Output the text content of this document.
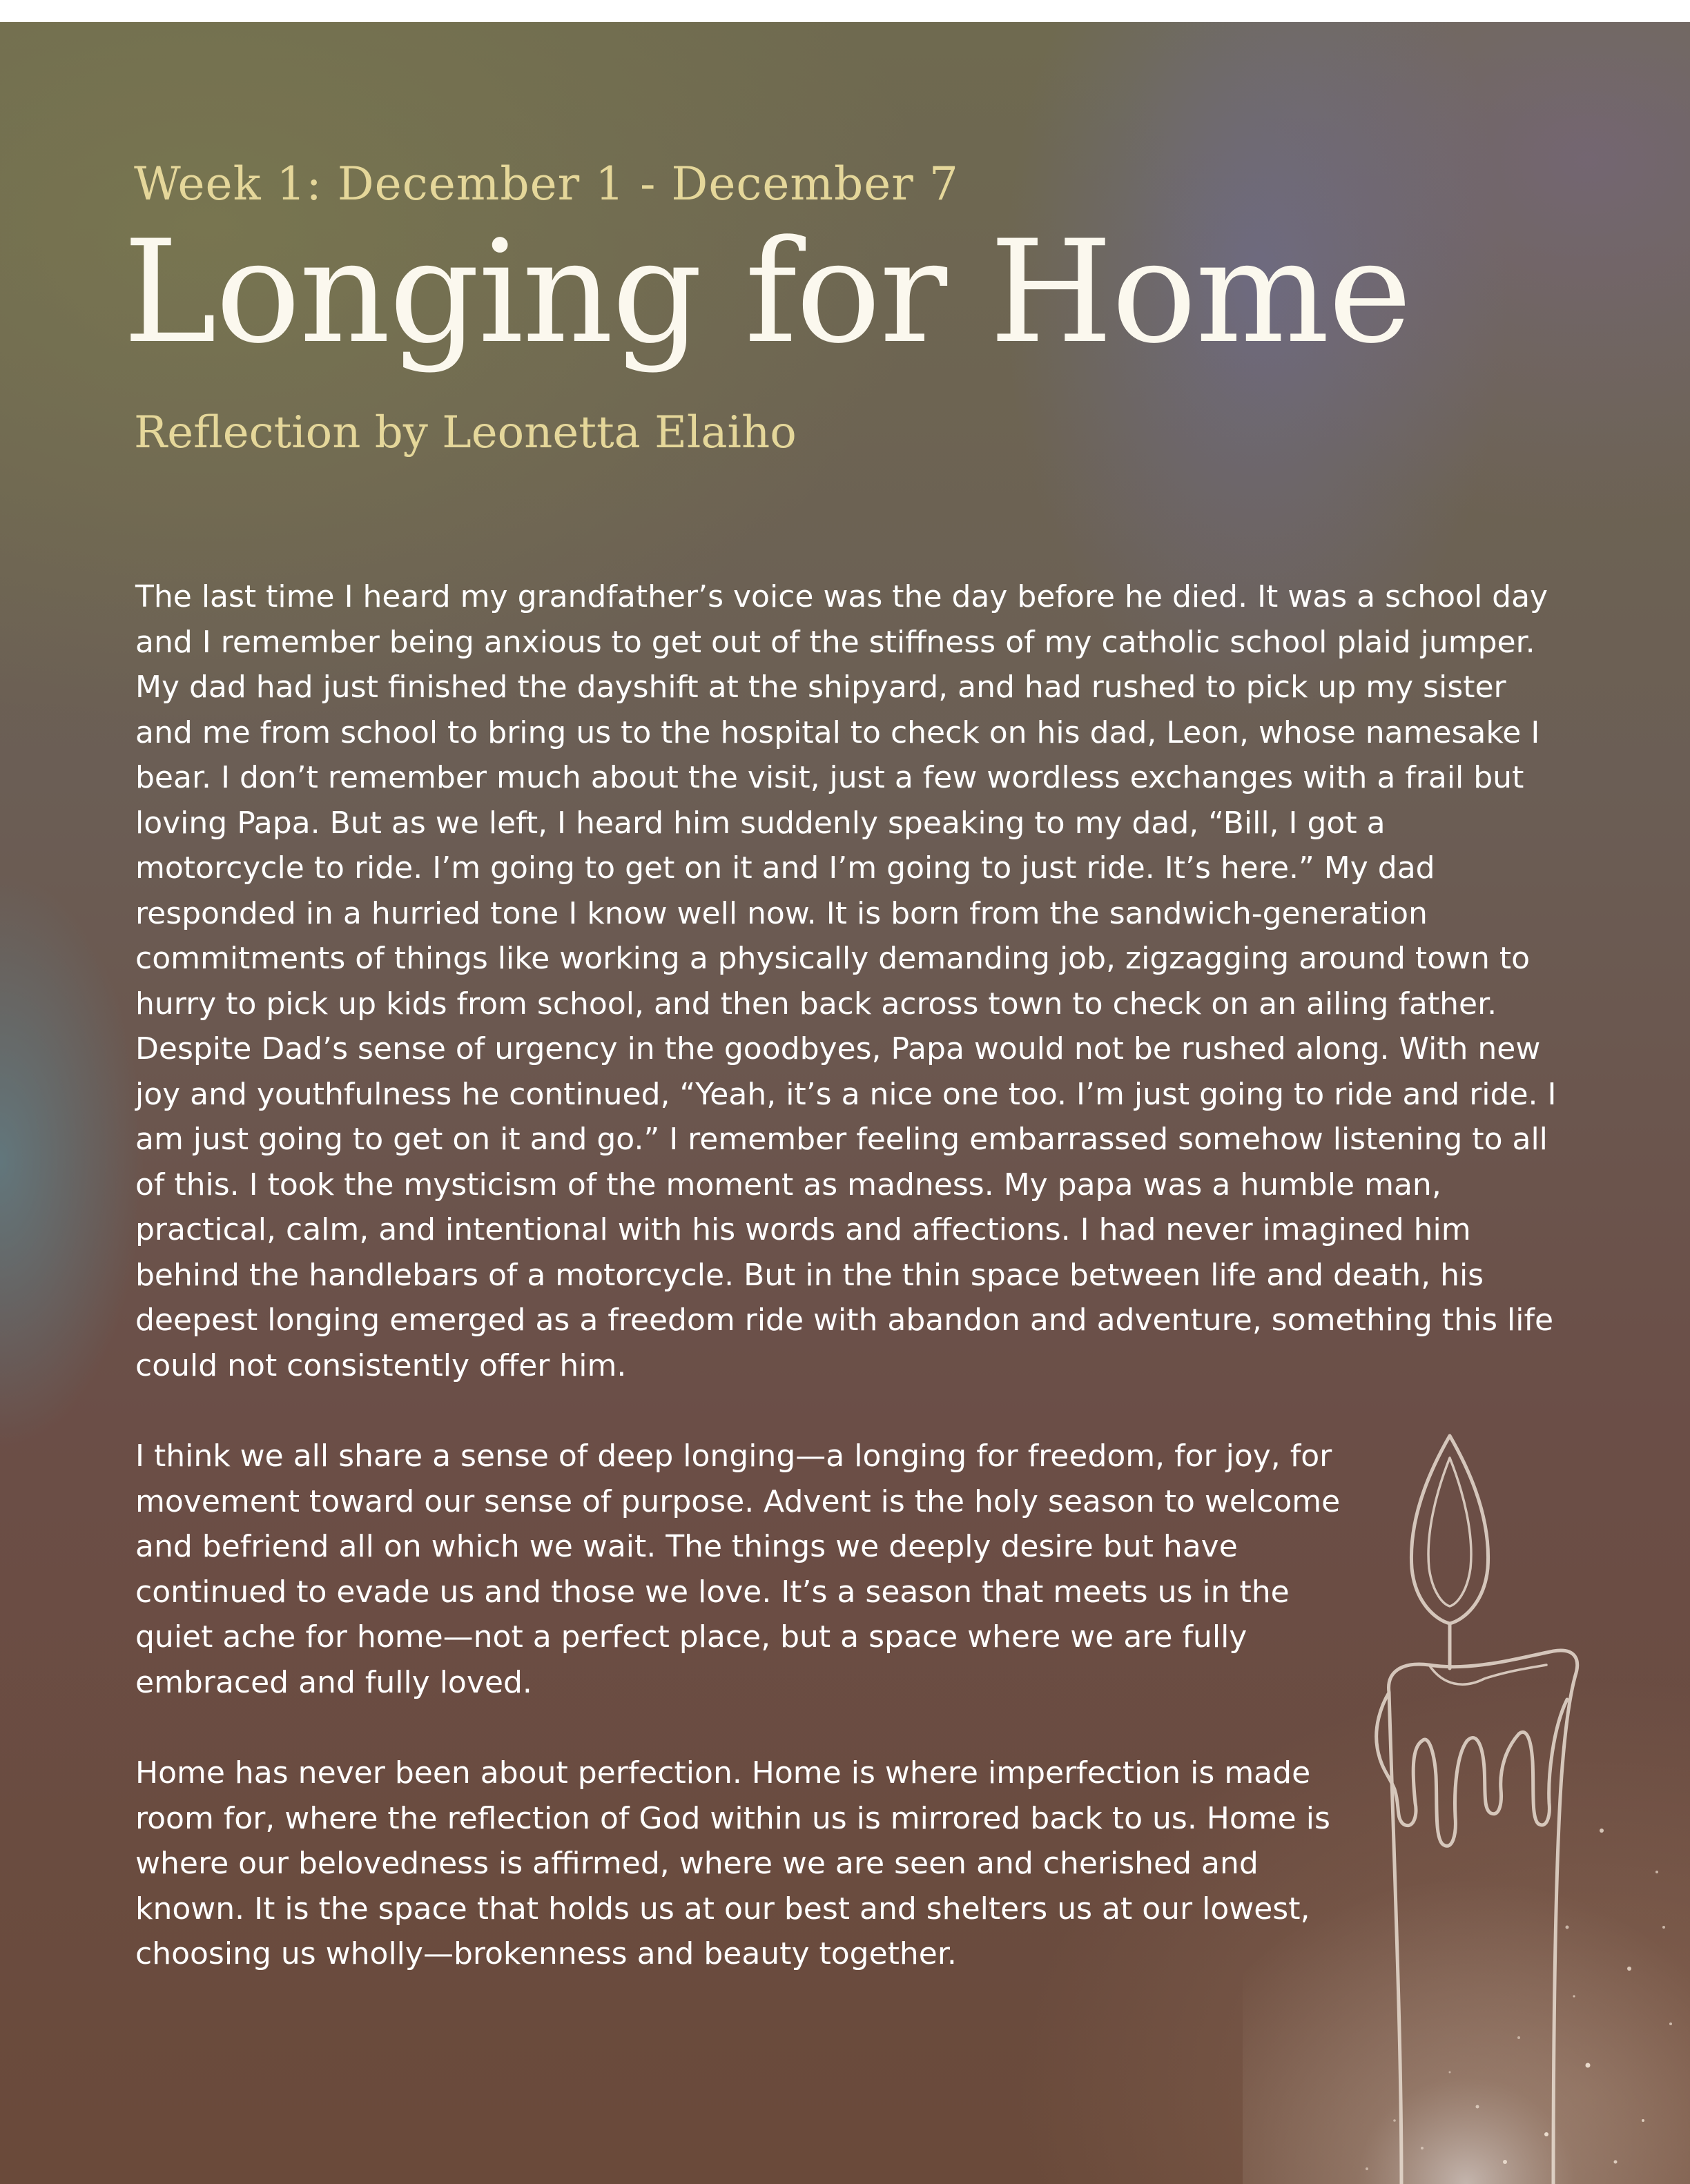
Week 1: December 1 - December 7
Longing for Home
Reflection by Leonetta Elaiho

The last time I heard my grandfather’s voice was the day before he died. It was a school day and I remember being anxious to get out of the stiffness of my catholic school plaid jumper. My dad had just finished the dayshift at the shipyard, and had rushed to pick up my sister and me from school to bring us to the hospital to check on his dad, Leon, whose namesake I bear. I don’t remember much about the visit, just a few wordless exchanges with a frail but loving Papa. But as we left, I heard him suddenly speaking to my dad, “Bill, I got a motorcycle to ride. I’m going to get on it and I’m going to just ride. It’s here.” My dad responded in a hurried tone I know well now. It is born from the sandwich-generation commitments of things like working a physically demanding job, zigzagging around town to hurry to pick up kids from school, and then back across town to check on an ailing father. Despite Dad’s sense of urgency in the goodbyes, Papa would not be rushed along. With new joy and youthfulness he continued, “Yeah, it’s a nice one too. I’m just going to ride and ride. I am just going to get on it and go.” I remember feeling embarrassed somehow listening to all of this. I took the mysticism of the moment as madness. My papa was a humble man, practical, calm, and intentional with his words and affections. I had never imagined him behind the handlebars of a motorcycle. But in the thin space between life and death, his deepest longing emerged as a freedom ride with abandon and adventure, something this life could not consistently offer him.

I think we all share a sense of deep longing—a longing for freedom, for joy, for movement toward our sense of purpose. Advent is the holy season to welcome and befriend all on which we wait. The things we deeply desire but have continued to evade us and those we love. It’s a season that meets us in the quiet ache for home—not a perfect place, but a space where we are fully embraced and fully loved.

Home has never been about perfection. Home is where imperfection is made room for, where the reflection of God within us is mirrored back to us. Home is where our belovedness is affirmed, where we are seen and cherished and known. It is the space that holds us at our best and shelters us at our lowest, choosing us wholly—brokenness and beauty together.
